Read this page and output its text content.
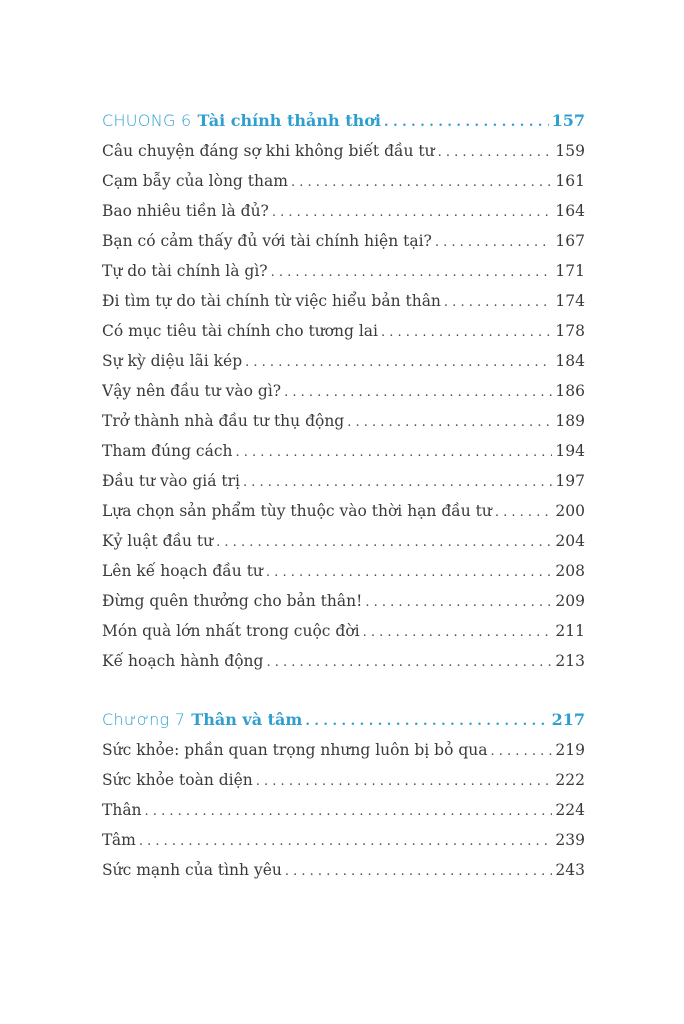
CHUONG 6 Tài chính thảnh thơi . . .	157
Câu chuyện đáng sợ khi không biết đầu tư . . .	159
Cạm bẫy của lòng tham . . .	161
Bao nhiêu tiền là đủ? . . .	164
Bạn có cảm thấy đủ với tài chính hiện tại? . . .	167
Tự do tài chính là gì? . . .	171
Đi tìm tự do tài chính từ việc hiểu bản thân . . .	174
Có mục tiêu tài chính cho tương lai . . .	178
Sự kỳ diệu lãi kép . . .	184
Vậy nên đầu tư vào gì? . . .	186
Trở thành nhà đầu tư thụ động . . .	189
Tham đúng cách . . .	194
Đầu tư vào giá trị . . .	197
Lựa chọn sản phẩm tùy thuộc vào thời hạn đầu tư . . .	200
Kỷ luật đầu tư . . .	204
Lên kế hoạch đầu tư . . .	208
Đừng quên thưởng cho bản thân! . . .	209
Món quà lớn nhất trong cuộc đời . . .	211
Kế hoạch hành động . . .	213
Chương 7 Thân và tâm . . .	217
Sức khỏe: phần quan trọng nhưng luôn bị bỏ qua . . .	219
Sức khỏe toàn diện . . .	222
Thân . . .	224
Tâm . . .	239
Sức mạnh của tình yêu . . .	243
